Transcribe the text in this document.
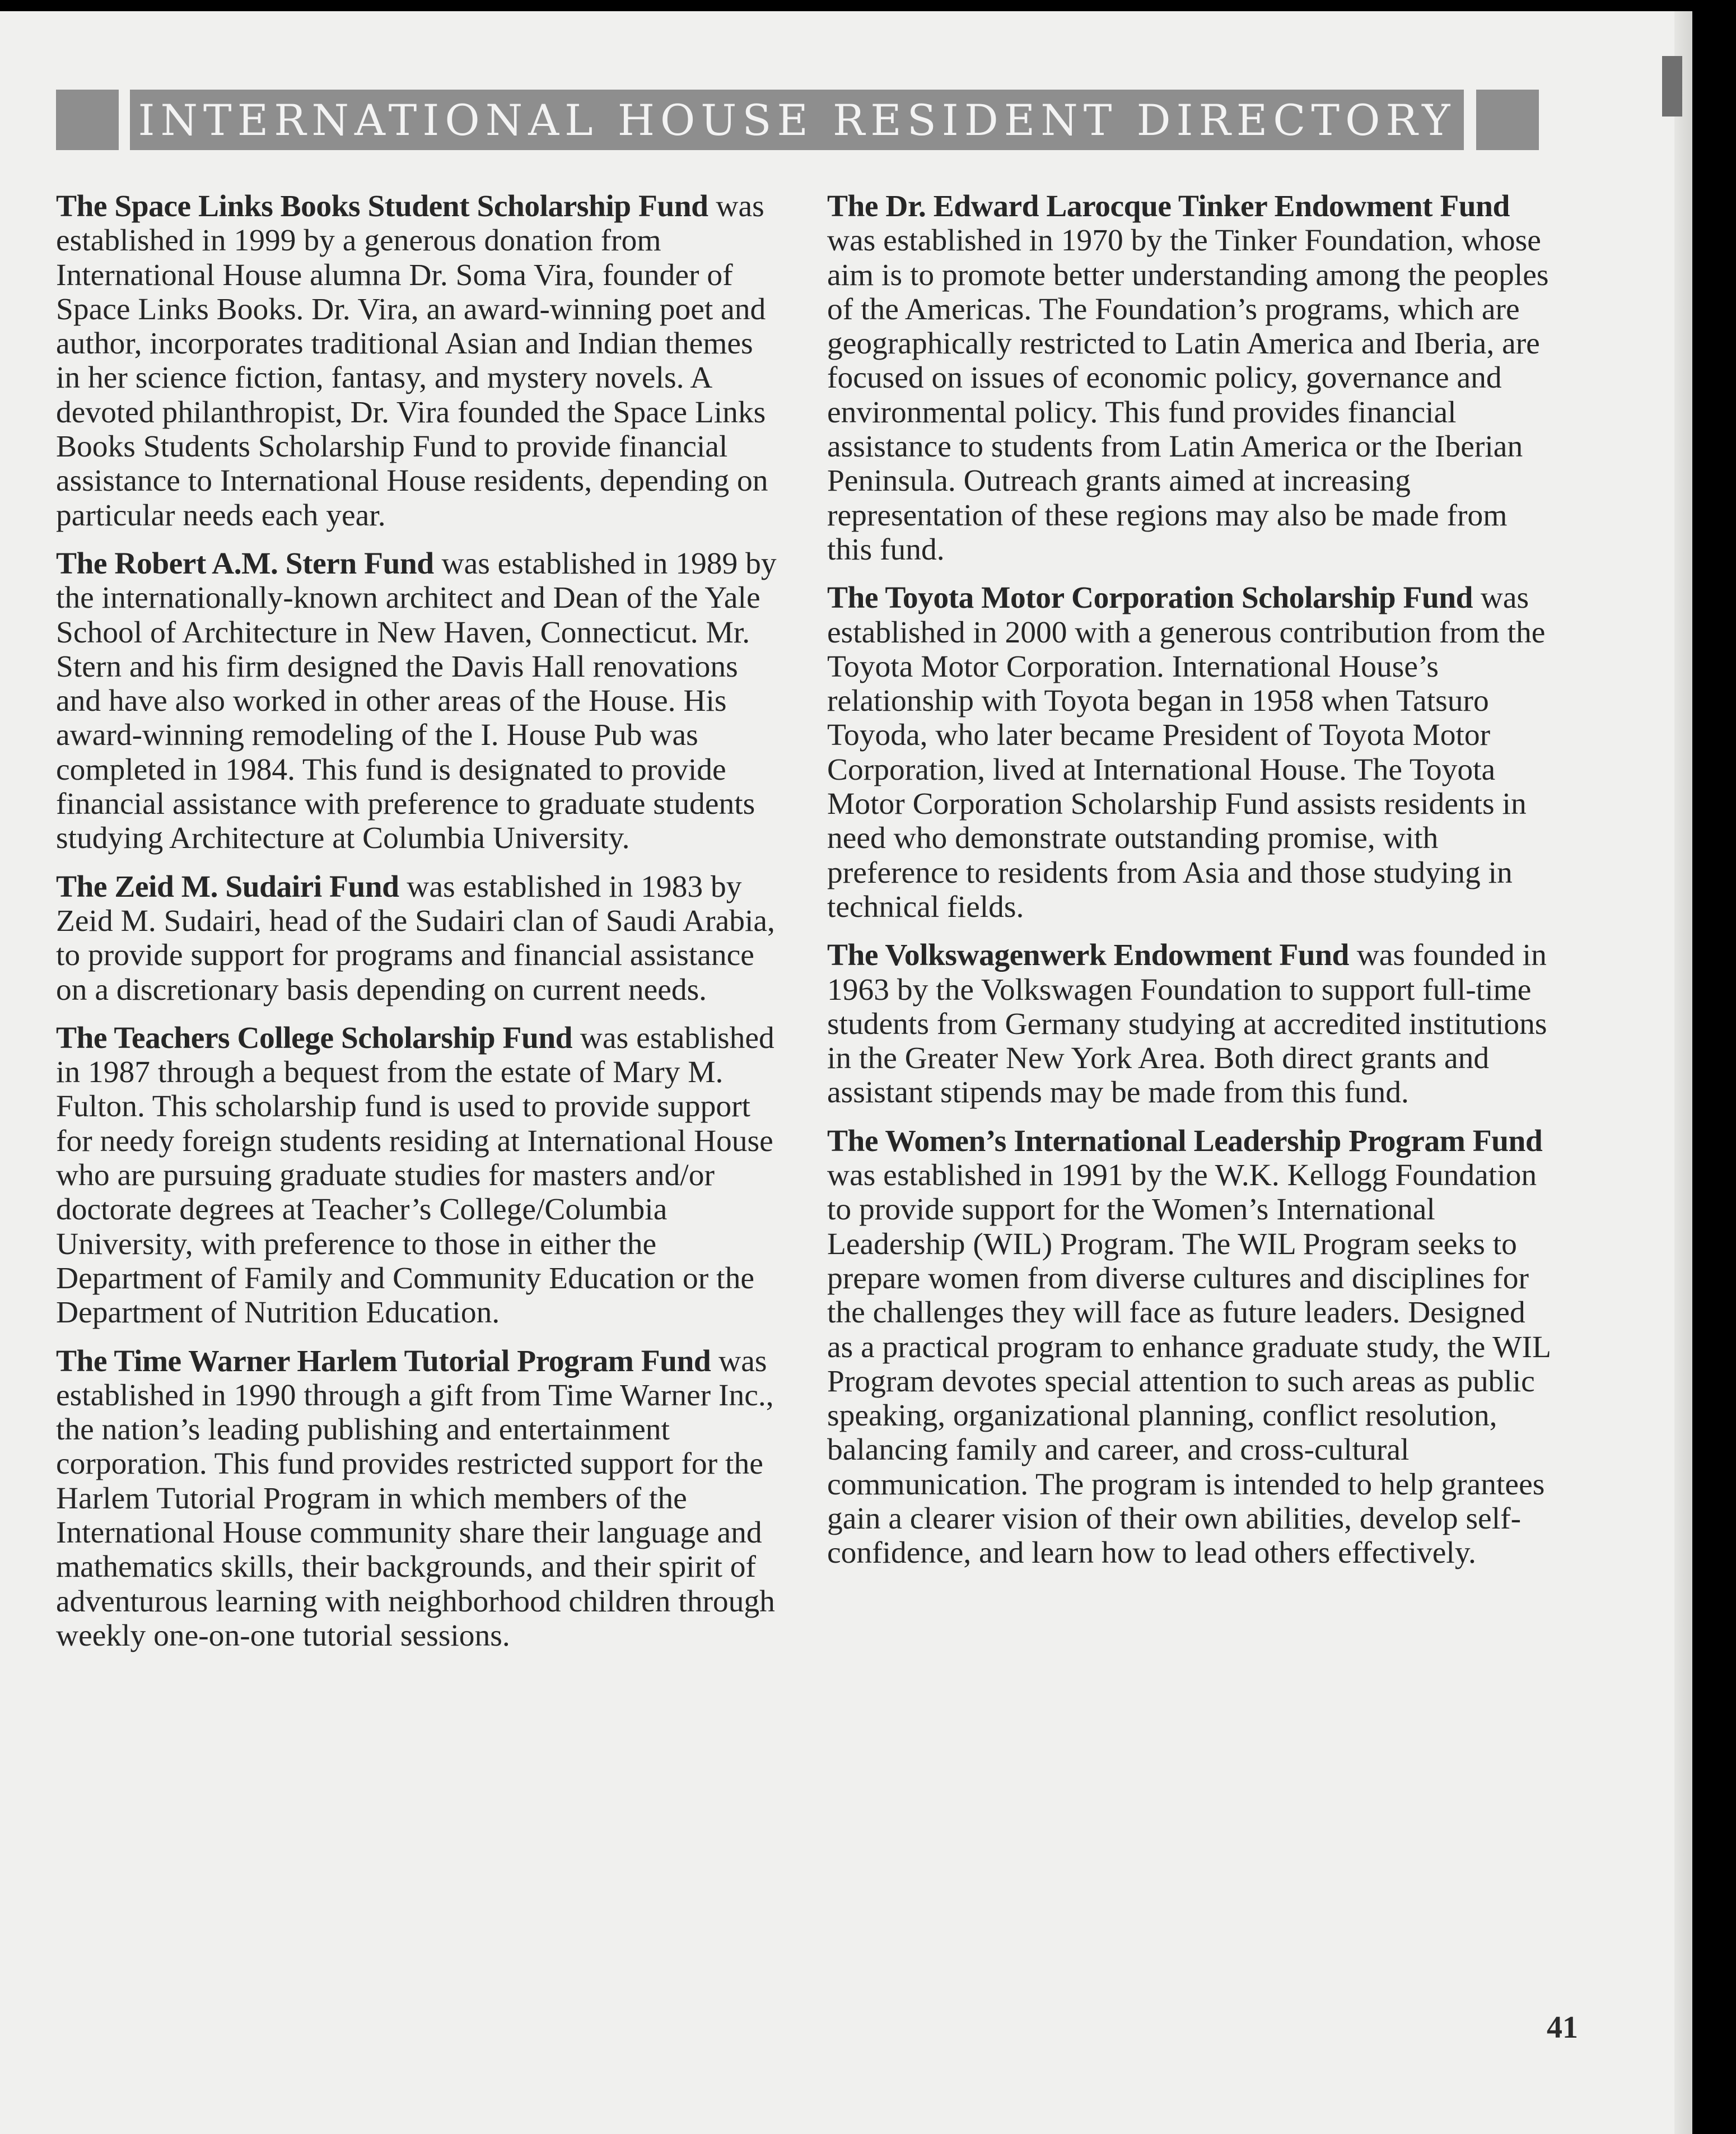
INTERNATIONAL HOUSE RESIDENT DIRECTORY

The Space Links Books Student Scholarship Fund was established in 1999 by a generous donation from International House alumna Dr. Soma Vira, founder of Space Links Books. Dr. Vira, an award-winning poet and author, incorporates traditional Asian and Indian themes in her science fiction, fantasy, and mystery novels. A devoted philanthropist, Dr. Vira founded the Space Links Books Students Scholarship Fund to provide financial assistance to International House residents, depending on particular needs each year.

The Robert A.M. Stern Fund was established in 1989 by the internationally-known architect and Dean of the Yale School of Architecture in New Haven, Connecticut. Mr. Stern and his firm designed the Davis Hall renovations and have also worked in other areas of the House. His award-winning remodeling of the I. House Pub was completed in 1984. This fund is designated to provide financial assistance with preference to graduate students studying Architecture at Columbia University.

The Zeid M. Sudairi Fund was established in 1983 by Zeid M. Sudairi, head of the Sudairi clan of Saudi Arabia, to provide support for programs and financial assistance on a discretionary basis depending on current needs.

The Teachers College Scholarship Fund was established in 1987 through a bequest from the estate of Mary M. Fulton. This scholarship fund is used to provide support for needy foreign students residing at International House who are pursuing graduate studies for masters and/or doctorate degrees at Teacher’s College/Columbia University, with preference to those in either the Department of Family and Community Education or the Department of Nutrition Education.

The Time Warner Harlem Tutorial Program Fund was established in 1990 through a gift from Time Warner Inc., the nation’s leading publishing and entertainment corporation. This fund provides restricted support for the Harlem Tutorial Program in which members of the International House community share their language and mathematics skills, their backgrounds, and their spirit of adventurous learning with neighborhood children through weekly one-on-one tutorial sessions.

The Dr. Edward Larocque Tinker Endowment Fund was established in 1970 by the Tinker Foundation, whose aim is to promote better understanding among the peoples of the Americas. The Foundation’s programs, which are geographically restricted to Latin America and Iberia, are focused on issues of economic policy, governance and environmental policy. This fund provides financial assistance to students from Latin America or the Iberian Peninsula. Outreach grants aimed at increasing representation of these regions may also be made from this fund.

The Toyota Motor Corporation Scholarship Fund was established in 2000 with a generous contribution from the Toyota Motor Corporation. International House’s relationship with Toyota began in 1958 when Tatsuro Toyoda, who later became President of Toyota Motor Corporation, lived at International House. The Toyota Motor Corporation Scholarship Fund assists residents in need who demonstrate outstanding promise, with preference to residents from Asia and those studying in technical fields.

The Volkswagenwerk Endowment Fund was founded in 1963 by the Volkswagen Foundation to support full-time students from Germany studying at accredited institutions in the Greater New York Area. Both direct grants and assistant stipends may be made from this fund.

The Women’s International Leadership Program Fund was established in 1991 by the W.K. Kellogg Foundation to provide support for the Women’s International Leadership (WIL) Program. The WIL Program seeks to prepare women from diverse cultures and disciplines for the challenges they will face as future leaders. Designed as a practical program to enhance graduate study, the WIL Program devotes special attention to such areas as public speaking, organizational planning, conflict resolution, balancing family and career, and cross-cultural communication. The program is intended to help grantees gain a clearer vision of their own abilities, develop self-confidence, and learn how to lead others effectively.

41
